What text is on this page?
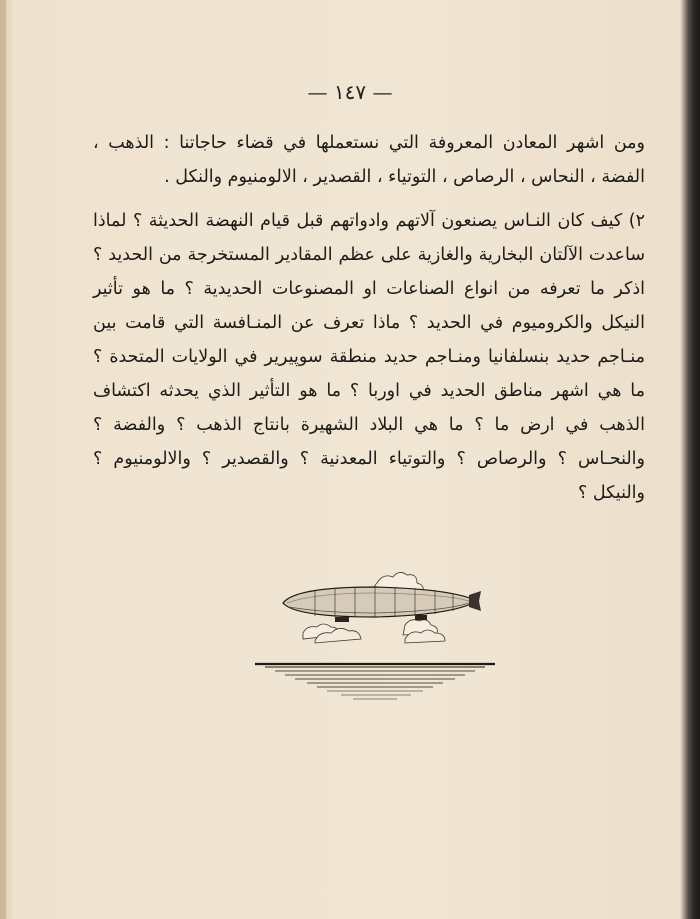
— ١٤٧ —

ومن اشهر المعادن المعروفة التي نستعملها في قضاء حاجاتنا : الذهب ، الفضة ، النحاس ، الرصاص ، التوتياء ، القصدير ، الالومنيوم والنكل .

٢) كيف كان النـاس يصنعون آلاتهم وادواتهم قبل قيام النهضة الحديثة ؟ لماذا ساعدت الآلتان البخارية والغازية على عظم المقادير المستخرجة من الحديد ؟ اذكر ما تعرفه من انواع الصناعات او المصنوعات الحديدية ؟ ما هو تأثير النيكل والكروميوم في الحديد ؟ ماذا تعرف عن المنـافسة التي قامت بين منـاجم حديد بنسلفانيا ومنـاجم حديد منطقة سوپيرير في الولايات المتحدة ؟ ما هي اشهر مناطق الحديد في اوربا ؟ ما هو التأثير الذي يحدثه اكتشاف الذهب في ارض ما ؟ ما هي البلاد الشهيرة بانتاج الذهب ؟ والفضة ؟ والنحـاس ؟ والرصاص ؟ والتوتياء المعدنية ؟ والقصدير ؟ والالومنيوم ؟ والنيكل ؟
